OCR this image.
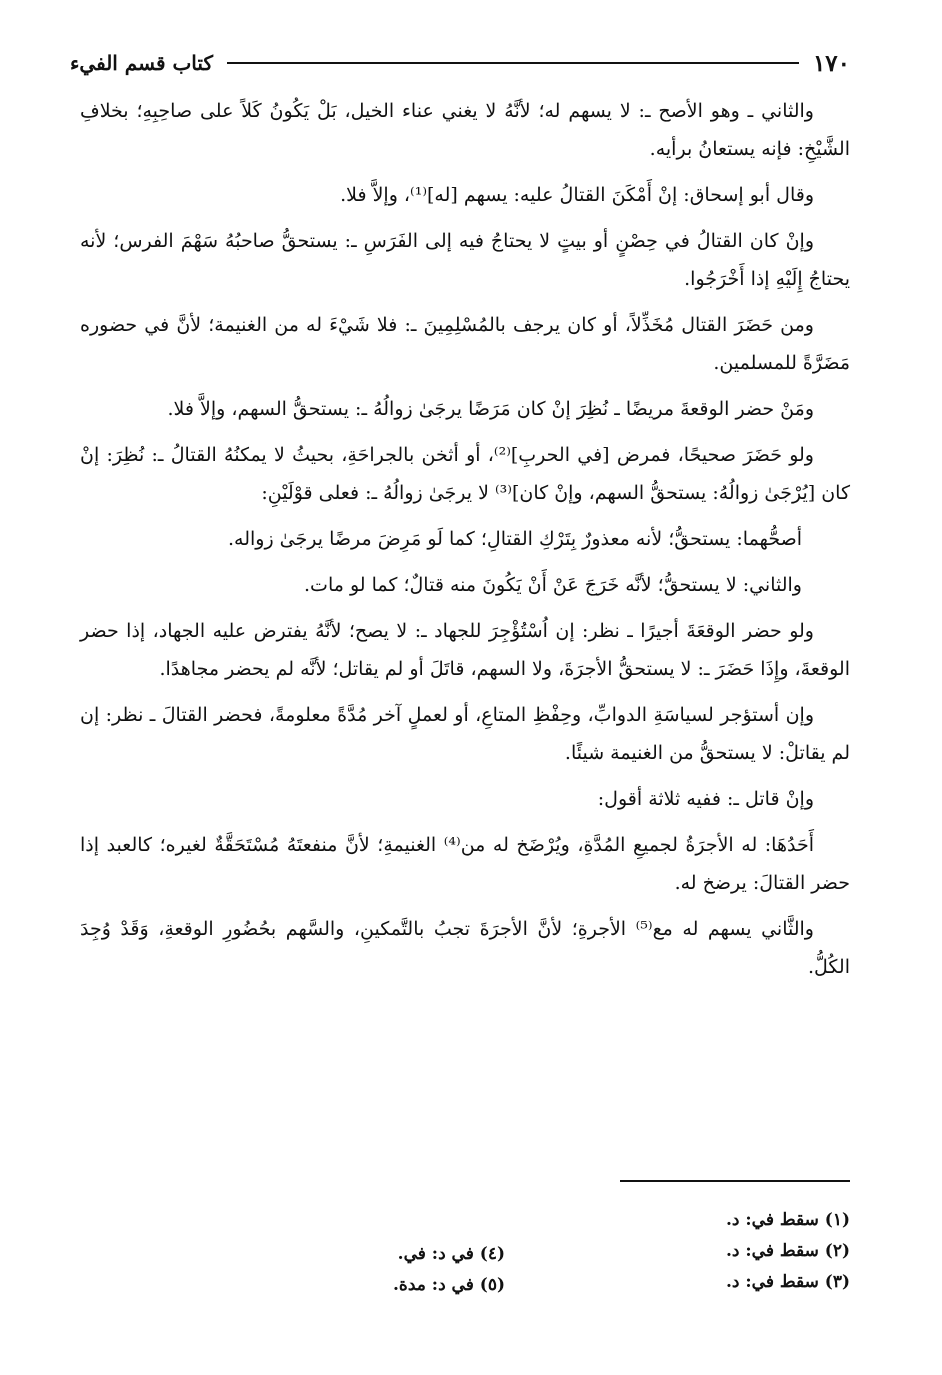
١٧٠
كتاب قسم الفيء

والثاني ـ وهو الأصح ـ: لا يسهم له؛ لأنَّهُ لا يغني عناء الخيل، بَلْ يَكُونُ كَلاً على صاحِبِهِ؛ بخلافِ الشَّيْخِ: فإنه يستعانُ برأيه.

وقال أبو إسحاق: إنْ أَمْكَنَ القتالُ عليه: يسهم [له]⁽¹⁾، وإلاَّ فلا.

وإنْ كان القتالُ في حِصْنٍ أو بيتٍ لا يحتاجُ فيه إلى الفَرَسِ ـ: يستحقُّ صاحبُهُ سَهْمَ الفرس؛ لأنه يحتاجُ إِلَيْهِ إذا أَخْرَجُوا.

ومن حَضَرَ القتال مُخَذِّلاً، أو كان يرجف بالمُسْلِمِينَ ـ: فلا شَيْءَ له من الغنيمة؛ لأنَّ في حضوره مَضَرَّةً للمسلمين.

ومَنْ حضر الوقعةَ مريضًا ـ نُظِرَ إنْ كان مَرَضًا يرجَىٰ زوالُهُ ـ: يستحقُّ السهم، وإلاَّ فلا.

ولو حَضَرَ صحيحًا، فمرض [في الحربِ]⁽²⁾، أو أثخن بالجراحَةِ، بحيثُ لا يمكنُهُ القتالُ ـ: نُظِرَ: إنْ كان [يُرْجَىٰ زوالُهُ: يستحقُّ السهم، وإنْ كان]⁽³⁾ لا يرجَىٰ زوالُهُ ـ: فعلى قوْلَيْنِ:

أصحُّهما: يستحقُّ؛ لأنه معذورٌ بِتَرْكِ القتالِ؛ كما لَو مَرِضَ مرضًا يرجَىٰ زواله.

والثاني: لا يستحقُّ؛ لأنَّه خَرَجَ عَنْ أَنْ يَكُونَ منه قتالٌ؛ كما لو مات.

ولو حضر الوقعَةَ أجيرًا ـ نظر: إن اُسْتُؤْجِرَ للجهاد ـ: لا يصح؛ لأنَّهُ يفترض عليه الجهاد، إذا حضر الوقعةَ، وإِذَا حَضَرَ ـ: لا يستحقُّ الأجرَةَ، ولا السهم، قاتَلَ أو لم يقاتل؛ لأنَّه لم يحضر مجاهدًا.

وإن أستؤجر لسياسَةِ الدوابِّ، وحِفْظِ المتاعِ، أو لعملٍ آخر مُدَّةً معلومةً، فحضر القتالَ ـ نظر: إن لم يقاتلْ: لا يستحقُّ من الغنيمة شيئًا.

وإنْ قاتل ـ: ففيه ثلاثة أقول:

أَحَدُهَا: له الأجرَةُ لجميعِ المُدَّةِ، ويُرْضَخ له من⁽⁴⁾ الغنيمةِ؛ لأنَّ منفعتَهُ مُسْتَحَقَّةٌ لغيره؛ كالعبد إذا حضر القتالَ: يرضخ له.

والثَّاني يسهم له مع⁽⁵⁾ الأجرةِ؛ لأنَّ الأجرَةَ تجبُ بالتَّمكينِ، والسَّهم بحُضُورِ الوقعةِ، وَقَدْ وُجِدَ الكُلُّ.

(١) سقط في: د.
(٢) سقط في: د.
(٣) سقط في: د.
(٤) في د: في.
(٥) في د: مدة.
